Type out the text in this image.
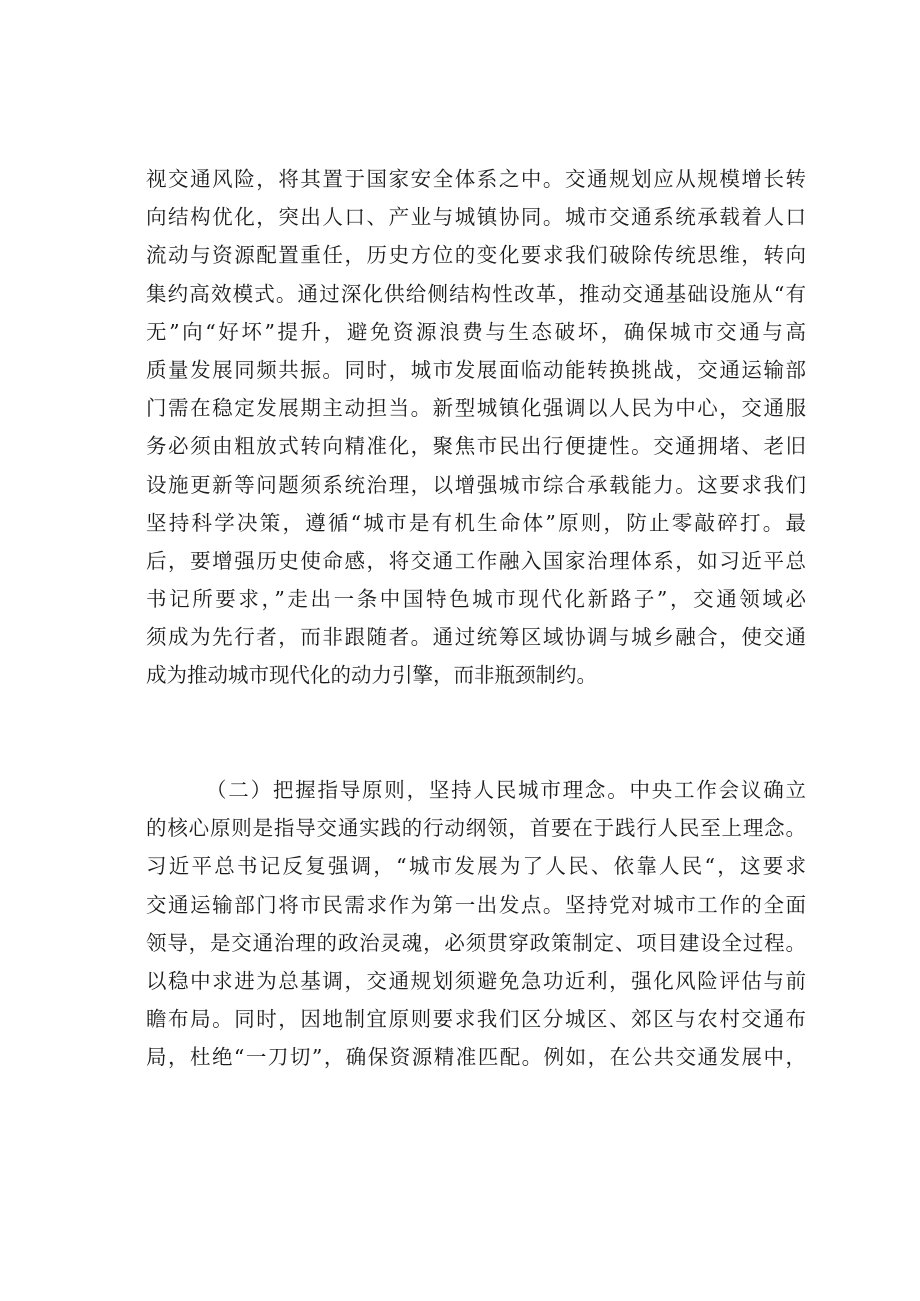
视交通风险，将其置于国家安全体系之中。交通规划应从规模增长转
向结构优化，突出人口、产业与城镇协同。城市交通系统承载着人口
流动与资源配置重任，历史方位的变化要求我们破除传统思维，转向
集约高效模式。通过深化供给侧结构性改革，推动交通基础设施从“有
无”向“好坏”提升，避免资源浪费与生态破坏，确保城市交通与高
质量发展同频共振。同时，城市发展面临动能转换挑战，交通运输部
门需在稳定发展期主动担当。新型城镇化强调以人民为中心，交通服
务必须由粗放式转向精准化，聚焦市民出行便捷性。交通拥堵、老旧
设施更新等问题须系统治理，以增强城市综合承载能力。这要求我们
坚持科学决策，遵循“城市是有机生命体”原则，防止零敲碎打。最
后，要增强历史使命感，将交通工作融入国家治理体系，如习近平总
书记所要求，”走出一条中国特色城市现代化新路子”，交通领域必
须成为先行者，而非跟随者。通过统筹区域协调与城乡融合，使交通
成为推动城市现代化的动力引擎，而非瓶颈制约。
（二）把握指导原则，坚持人民城市理念。中央工作会议确立
的核心原则是指导交通实践的行动纲领，首要在于践行人民至上理念。
习近平总书记反复强调，“城市发展为了人民、依靠人民“，这要求
交通运输部门将市民需求作为第一出发点。坚持党对城市工作的全面
领导，是交通治理的政治灵魂，必须贯穿政策制定、项目建设全过程。
以稳中求进为总基调，交通规划须避免急功近利，强化风险评估与前
瞻布局。同时，因地制宜原则要求我们区分城区、郊区与农村交通布
局，杜绝“一刀切”，确保资源精准匹配。例如，在公共交通发展中，
